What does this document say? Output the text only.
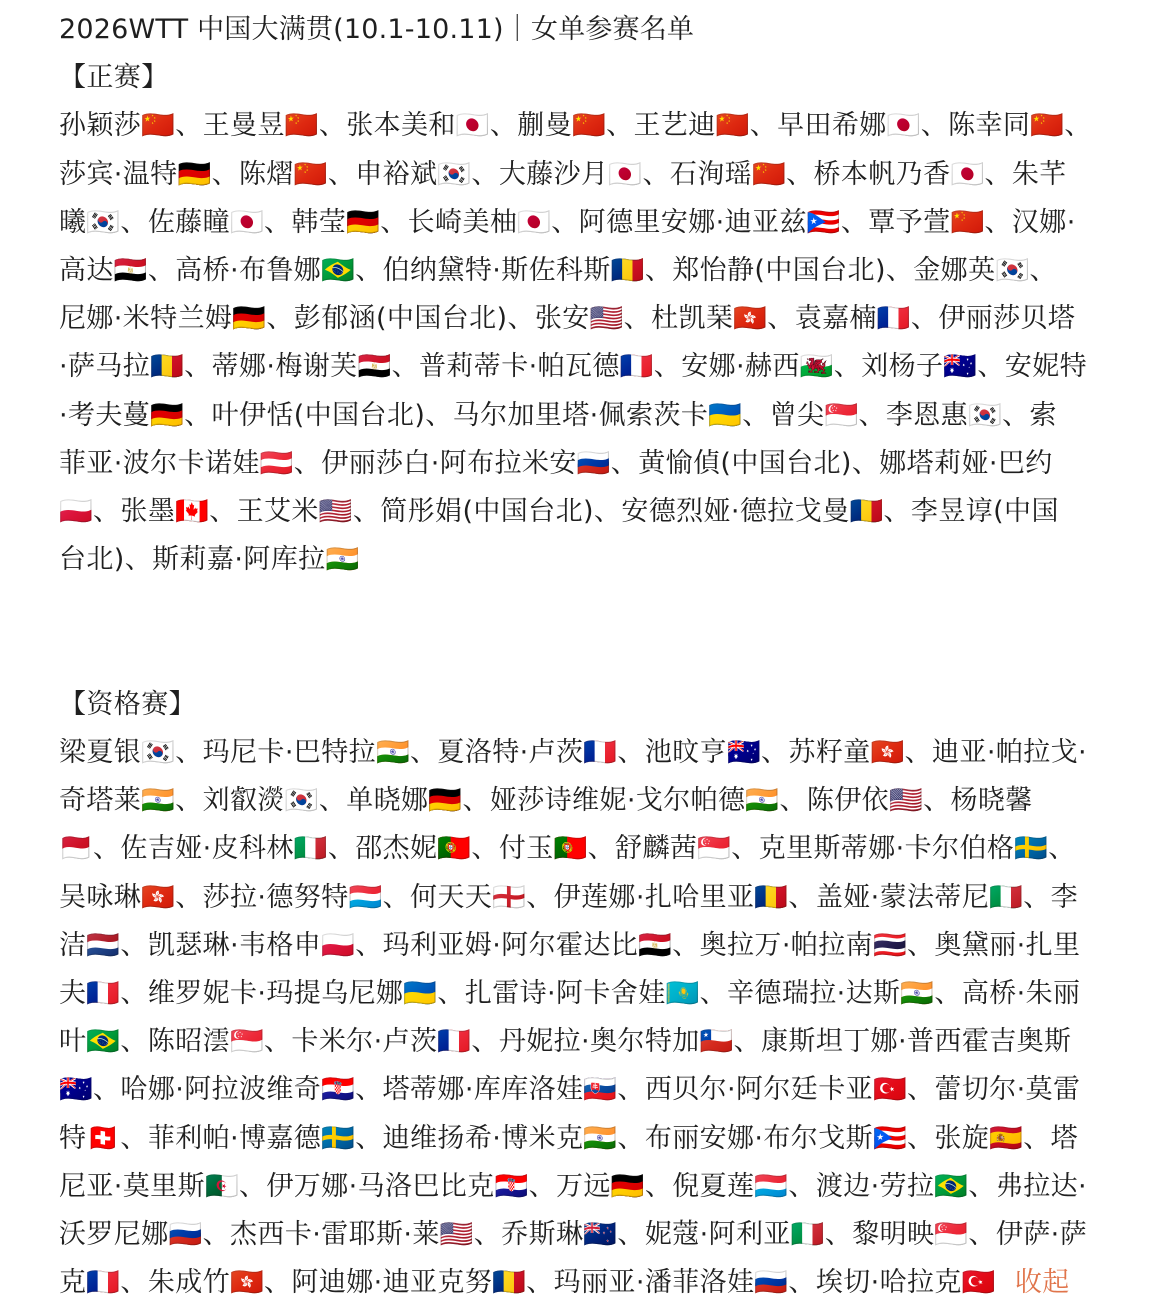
2026WTT 中国大满贯(10.1-10.11)｜女单参赛名单
【正赛】
孙颖莎🇨🇳、王曼昱🇨🇳、张本美和🇯🇵、蒯曼🇨🇳、王艺迪🇨🇳、早田希娜🇯🇵、陈幸同🇨🇳、
莎宾·温特🇩🇪、陈熠🇨🇳、申裕斌🇰🇷、大藤沙月🇯🇵、石洵瑶🇨🇳、桥本帆乃香🇯🇵、朱芊
曦🇰🇷、佐藤瞳🇯🇵、韩莹🇩🇪、长崎美柚🇯🇵、阿德里安娜·迪亚兹🇵🇷、覃予萱🇨🇳、汉娜·
高达🇪🇬、高桥·布鲁娜🇧🇷、伯纳黛特·斯佐科斯🇷🇴、郑怡静(中国台北)、金娜英🇰🇷、
尼娜·米特兰姆🇩🇪、彭郁涵(中国台北)、张安🇺🇸、杜凯琹🇭🇰、袁嘉楠🇫🇷、伊丽莎贝塔
·萨马拉🇷🇴、蒂娜·梅谢芙🇪🇬、普莉蒂卡·帕瓦德🇫🇷、安娜·赫西🏴󠁧󠁢󠁷󠁬󠁳󠁿、刘杨子🇦🇺、安妮特
·考夫蔓🇩🇪、叶伊恬(中国台北)、马尔加里塔·佩索茨卡🇺🇦、曾尖🇸🇬、李恩惠🇰🇷、索
菲亚·波尔卡诺娃🇦🇹、伊丽莎白·阿布拉米安🇷🇺、黄愉偵(中国台北)、娜塔莉娅·巴约
🇵🇱、张墨🇨🇦、王艾米🇺🇸、简彤娟(中国台北)、安德烈娅·德拉戈曼🇷🇴、李昱谆(中国
台北)、斯莉嘉·阿库拉🇮🇳
【资格赛】
梁夏银🇰🇷、玛尼卡·巴特拉🇮🇳、夏洛特·卢茨🇫🇷、池旼亨🇦🇺、苏籽童🇭🇰、迪亚·帕拉戈·
奇塔莱🇮🇳、刘叡濙🇰🇷、单晓娜🇩🇪、娅莎诗维妮·戈尔帕德🇮🇳、陈伊依🇺🇸、杨晓馨
🇲🇨、佐吉娅·皮科林🇮🇹、邵杰妮🇵🇹、付玉🇵🇹、舒麟茜🇸🇬、克里斯蒂娜·卡尔伯格🇸🇪、
吴咏琳🇭🇰、莎拉·德努特🇱🇺、何天天🏴󠁧󠁢󠁥󠁮󠁧󠁿、伊莲娜·扎哈里亚🇷🇴、盖娅·蒙法蒂尼🇮🇹、李
洁🇳🇱、凯瑟琳·韦格申🇵🇱、玛利亚姆·阿尔霍达比🇪🇬、奥拉万·帕拉南🇹🇭、奥黛丽·扎里
夫🇫🇷、维罗妮卡·玛提乌尼娜🇺🇦、扎雷诗·阿卡舍娃🇰🇿、辛德瑞拉·达斯🇮🇳、高桥·朱丽
叶🇧🇷、陈昭澐🇸🇬、卡米尔·卢茨🇫🇷、丹妮拉·奥尔特加🇨🇱、康斯坦丁娜·普西霍吉奥斯
🇦🇺、哈娜·阿拉波维奇🇭🇷、塔蒂娜·库库洛娃🇸🇰、西贝尔·阿尔廷卡亚🇹🇷、蕾切尔·莫雷
特🇨🇭、菲利帕·博嘉德🇸🇪、迪维扬希·博米克🇮🇳、布丽安娜·布尔戈斯🇵🇷、张旋🇪🇸、塔
尼亚·莫里斯🇩🇿、伊万娜·马洛巴比克🇭🇷、万远🇩🇪、倪夏莲🇱🇺、渡边·劳拉🇧🇷、弗拉达·
沃罗尼娜🇷🇺、杰西卡·雷耶斯·莱🇺🇸、乔斯琳🇳🇿、妮蔻·阿利亚🇮🇹、黎明映🇸🇬、伊萨·萨
克🇫🇷、朱成竹🇭🇰、阿迪娜·迪亚克努🇷🇴、玛丽亚·潘菲洛娃🇷🇺、埃切·哈拉克🇹🇷 收起
